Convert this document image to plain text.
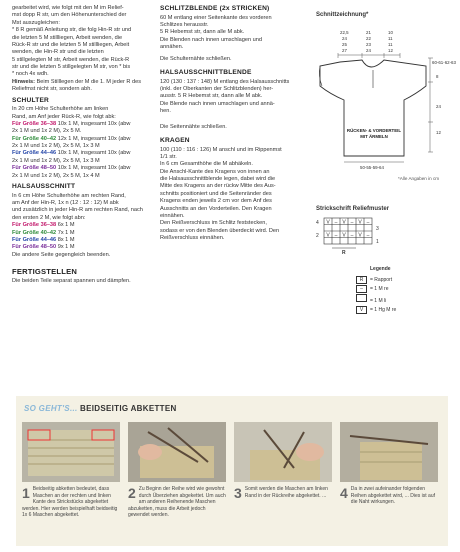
gearbeitet wird, wie folgt mit den M im Relief-

mst dopp R str, um den Höhenunterschied der

Mst auszugleichen:

* 8 R gemäß Anleitung str, die folg Hin-R str und

die letzten 5 M stillliegen, Arbeit wenden, die

Rück-R str und die letzten 5 M stillliegen, Arbeit

wenden, die Hin-R str und die letzten

5 stillgelegten M str, Arbeit wenden, die Rück-R

str und die letzten 5 stillgelegten M str, von * bis

* noch 4x wdh.

Hinweis: Beim Stilllegen der M die 1. M jeder R des Reliefmst nicht str, sondern abh.

SCHULTER

In 20 cm Höhe Schulterhöhe am linken

Rand, am Anf jeder Rück-R, wie folgt abk:

Für Größe 36–38 10x 1 M, insgesamt 10x (abw

2x 1 M und 1x 2 M), 2x 5 M.

Für Größe 40–42 12x 1 M, insgesamt 10x (abw

2x 1 M und 1x 2 M), 2x 5 M, 1x 3 M

Für Größe 44–46 10x 1 M, insgesamt 10x (abw

2x 1 M und 1x 2 M), 2x 5 M, 1x 3 M

Für Größe 48–50 10x 1 M, insgesamt 10x (abw

2x 1 M und 1x 2 M), 2x 5 M, 1x 4 M

HALSAUSSCHNITT

In 6 cm Höhe Schulterhöhe am rechten Rand,

am Anf der Hin-R, 1x n (12 : 12 : 12) M abk

und zusätzlich in jeder Hin-R am rechten Rand, nach

den ersten 2 M, wie folgt abn:

Für Größe 36–38 6x 1 M

Für Größe 40–42 7x 1 M

Für Größe 44–46 8x 1 M

Für Größe 48–50 9x 1 M

Die andere Seite gegengleich beenden.

FERTIGSTELLEN

Die beiden Teile separat spannen und dämpfen.

SCHLITZBLENDE (2x STRICKEN)

60 M entlang einer Seitenkante des vorderen

Schlitzes herausstr.

5 R Hebemst str, dann alle M abk.

Die Blenden nach innen umschlagen und

annähen.

Die Schulternähte schließen.

HALSAUSSCHNITTBLENDE

120 (130 : 137 : 148) M entlang des Halsausschnitts

(inkl. der Oberkanten der Schlitzblenden) her-

ausstr. 5 R Hebemst str, dann alle M abk.

Die Blende nach innen umschlagen und annä-

hen.

Die Seitennähte schließen.

KRAGEN

100 (110 : 116 : 126) M anschl und im Rippenmst

1/1 str.

In 6 cm Gesamthöhe die M abhäkeln.

Die Anschl-Kante des Kragens von innen an

die Halsausschnittblende legen, dabei wird die

Mitte des Kragens an der rückw Mitte des Aus-

schnitts positioniert und die Seitenränder des

Kragens enden jeweils 2 cm vor dem Anf des

Ausschnitts an den Vorderteilen. Den Kragen

einnähen.

Den Reißverschluss im Schlitz feststecken,

sodass er von den Blenden überdeckt wird. Den

Reißverschluss einnähen.

Schnittzeichnung*
22,5
24
25
27
21
22
23
24
10
11
11
12
60-61-62-63
8
24
12
50-55-59-64
RÜCKEN- & VORDERTEIL
MIT ÄRMELN
*Alle Angaben in cm
Strickschrift Reliefmuster
4
2
3
1
V – V – V –
V – V – V –
R
Legende
R = Rapport
– = 1 M re
= 1 M li
V = 1 Hg M re
SO GEHT'S... BEIDSEITIG ABKETTEN
1 Beidseitig abketten bedeutet, dass Maschen an der rechten und linken Kante des Strickstücks abgekettet werden. Hier werden beispielhaft beidseitig 1x 6 Maschen abgekettet.
2 Zu Beginn der Reihe wird wie gewohnt durch Überziehen abgekettet. Um auch am anderen Reihenende Maschen abzuketten, muss die Arbeit jedoch gewendet werden.
3 Somit werden die Maschen am linken Rand in der Rückreihe abgekettet. ... 4 Da in zwei aufeinander folgenden Reihen abgekettet wird, ... Dies ist auf die Naht wirkungen.
